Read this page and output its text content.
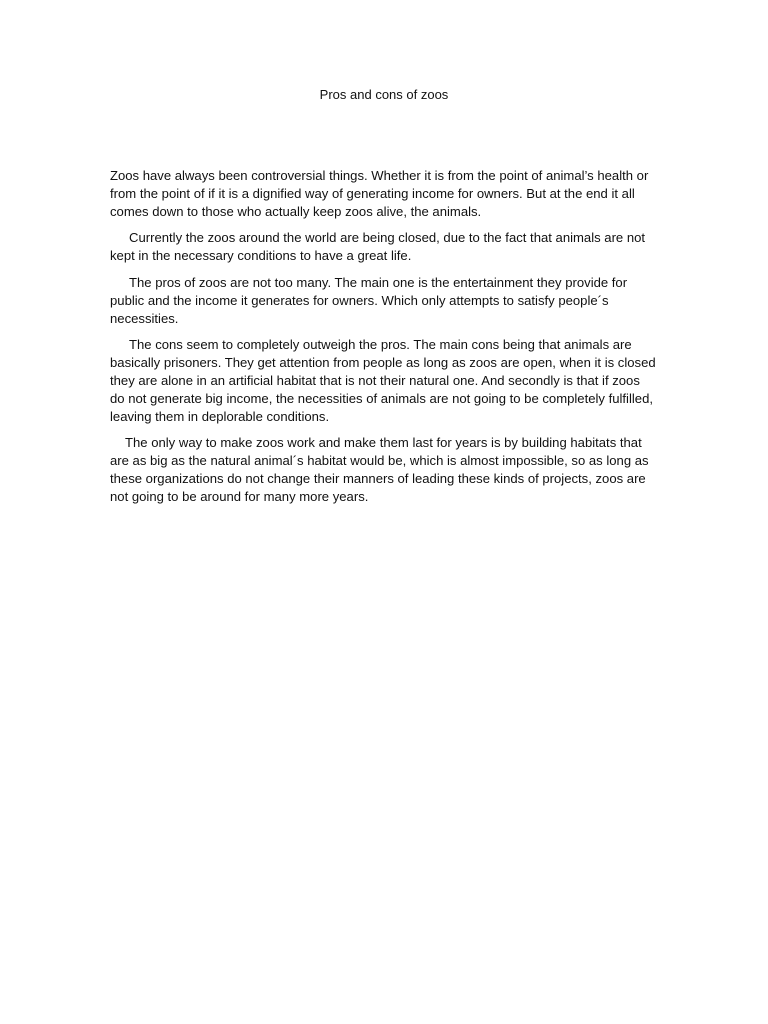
Pros and cons of zoos

Zoos have always been controversial things. Whether it is from the point of animal’s health or from the point of if it is a dignified way of generating income for owners. But at the end it all comes down to those who actually keep zoos alive, the animals.

Currently the zoos around the world are being closed, due to the fact that animals are not kept in the necessary conditions to have a great life.

The pros of zoos are not too many. The main one is the entertainment they provide for public and the income it generates for owners. Which only attempts to satisfy people´s necessities.

The cons seem to completely outweigh the pros. The main cons being that animals are basically prisoners. They get attention from people as long as zoos are open, when it is closed they are alone in an artificial habitat that is not their natural one. And secondly is that if zoos do not generate big income, the necessities of animals are not going to be completely fulfilled, leaving them in deplorable conditions.

The only way to make zoos work and make them last for years is by building habitats that are as big as the natural animal´s habitat would be, which is almost impossible, so as long as these organizations do not change their manners of leading these kinds of projects, zoos are not going to be around for many more years.
